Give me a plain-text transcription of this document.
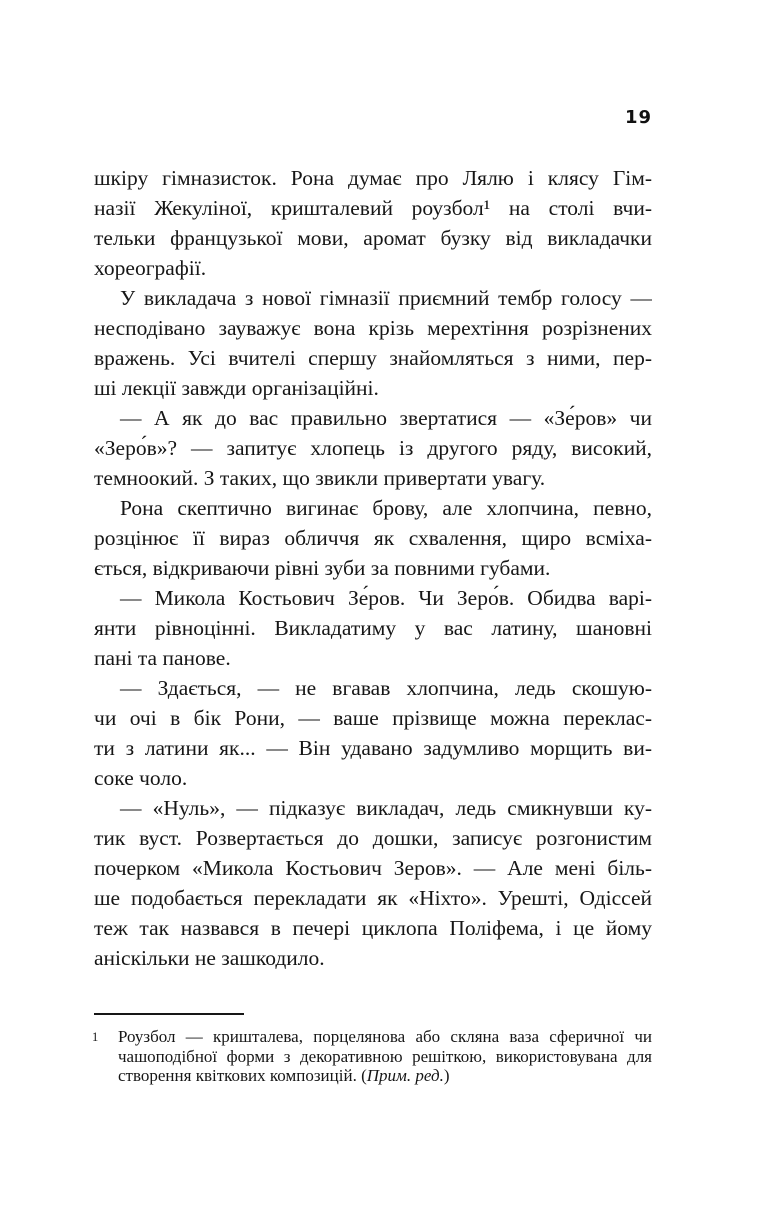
19
шкіру гімназисток. Рона думає про Лялю і клясу Гім-
назії Жекуліної, кришталевий роузбол¹ на столі вчи-
тельки французької мови, аромат бузку від викладачки
хореографії.
У викладача з нової гімназії приємний тембр голосу —
несподівано зауважує вона крізь мерехтіння розрізнених
вражень. Усі вчителі спершу знайомляться з ними, пер-
ші лекції завжди організаційні.
— А як до вас правильно звертатися — «Зе́ров» чи
«Зеро́в»? — запитує хлопець із другого ряду, високий,
темноокий. З таких, що звикли привертати увагу.
Рона скептично вигинає брову, але хлопчина, певно,
розцінює її вираз обличчя як схвалення, щиро всміха-
ється, відкриваючи рівні зуби за повними губами.
— Микола Костьович Зе́ров. Чи Зеро́в. Обидва варі-
янти рівноцінні. Викладатиму у вас латину, шановні
пані та панове.
— Здається, — не вгавав хлопчина, ледь скошую-
чи очі в бік Рони, — ваше прізвище можна переклас-
ти з латини як... — Він удавано задумливо морщить ви-
соке чоло.
— «Нуль», — підказує викладач, ледь смикнувши ку-
тик вуст. Розвертається до дошки, записує розгонистим
почерком «Микола Костьович Зеров». — Але мені біль-
ше подобається перекладати як «Ніхто». Урешті, Одіссей
теж так назвався в печері циклопа Поліфема, і це йому
аніскільки не зашкодило.
1 Роузбол — кришталева, порцелянова або скляна ваза сферичної чи
чашоподібної форми з декоративною решіткою, використовувана для
створення квіткових композицій. (Прим. ред.)
